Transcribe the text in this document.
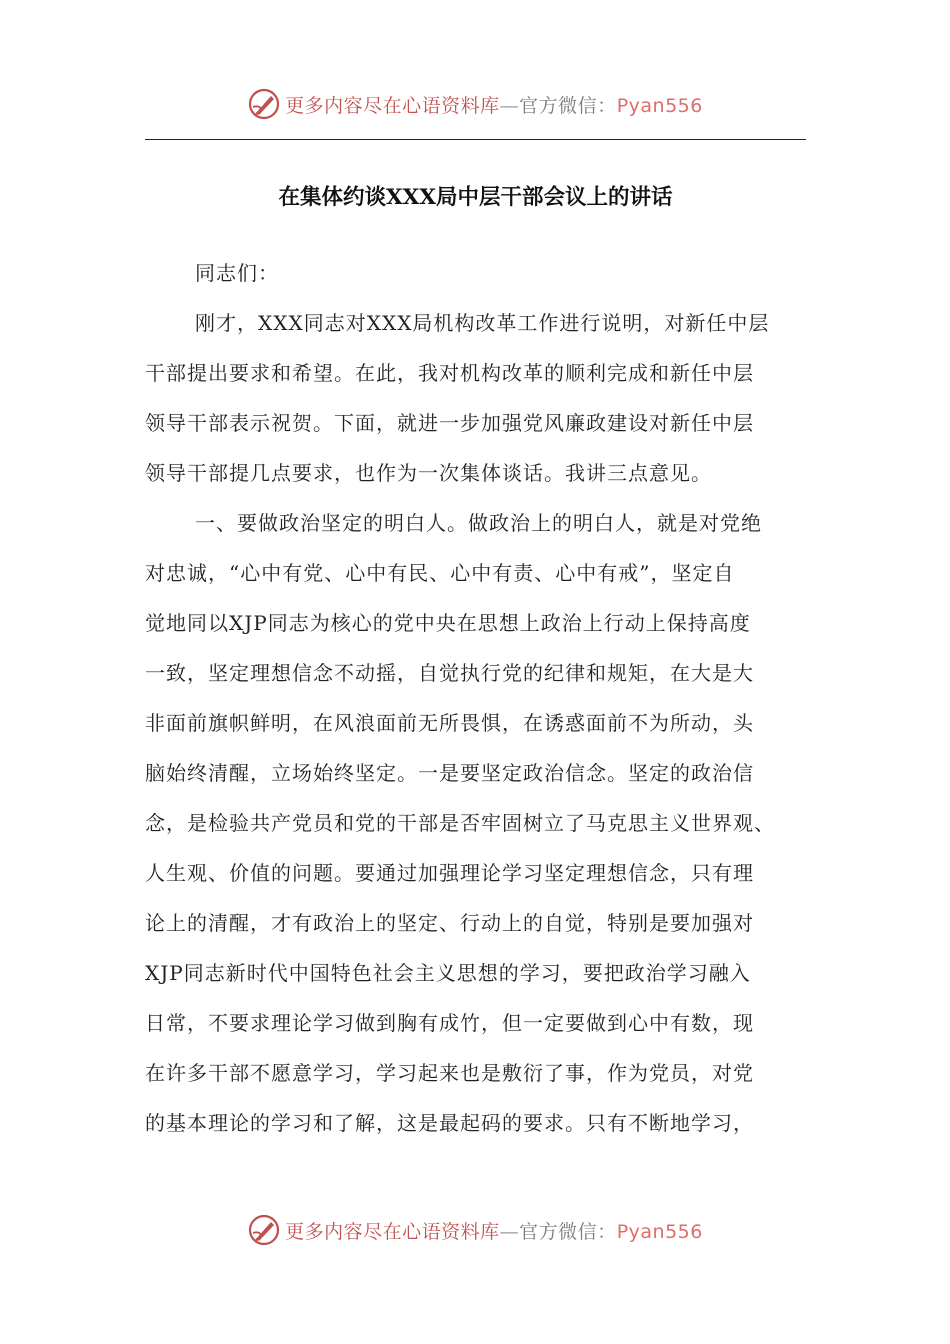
更多内容尽在心语资料库—官方微信：Pyan556
在集体约谈XXX局中层干部会议上的讲话
同志们：
刚才，XXX同志对XXX局机构改革工作进行说明，对新任中层
干部提出要求和希望。在此，我对机构改革的顺利完成和新任中层
领导干部表示祝贺。下面，就进一步加强党风廉政建设对新任中层
领导干部提几点要求，也作为一次集体谈话。我讲三点意见。
一、要做政治坚定的明白人。做政治上的明白人，就是对党绝
对忠诚，“心中有党、心中有民、心中有责、心中有戒”，坚定自
觉地同以XJP同志为核心的党中央在思想上政治上行动上保持高度
一致，坚定理想信念不动摇，自觉执行党的纪律和规矩，在大是大
非面前旗帜鲜明，在风浪面前无所畏惧，在诱惑面前不为所动，头
脑始终清醒，立场始终坚定。一是要坚定政治信念。坚定的政治信
念，是检验共产党员和党的干部是否牢固树立了马克思主义世界观、
人生观、价值的问题。要通过加强理论学习坚定理想信念，只有理
论上的清醒，才有政治上的坚定、行动上的自觉，特别是要加强对
XJP同志新时代中国特色社会主义思想的学习，要把政治学习融入
日常，不要求理论学习做到胸有成竹，但一定要做到心中有数，现
在许多干部不愿意学习，学习起来也是敷衍了事，作为党员，对党
的基本理论的学习和了解，这是最起码的要求。只有不断地学习，
更多内容尽在心语资料库—官方微信：Pyan556
